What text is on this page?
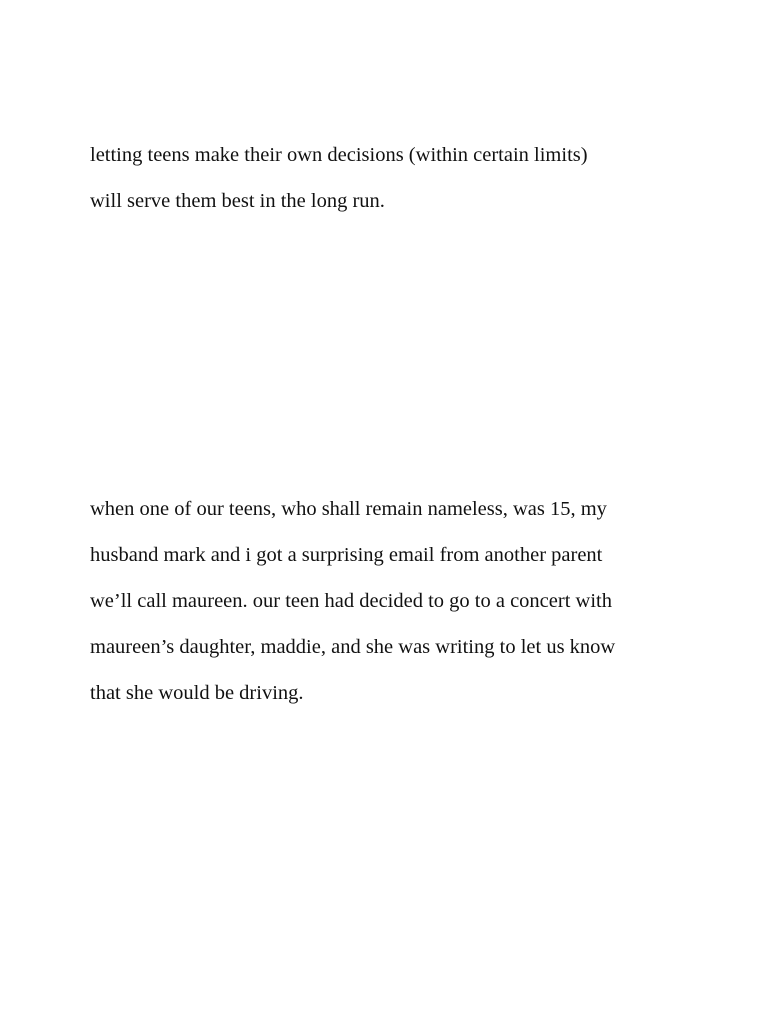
letting teens make their own decisions (within certain limits)
will serve them best in the long run.

when one of our teens, who shall remain nameless, was 15, my
husband mark and i got a surprising email from another parent
we’ll call maureen. our teen had decided to go to a concert with
maureen’s daughter, maddie, and she was writing to let us know
that she would be driving.
